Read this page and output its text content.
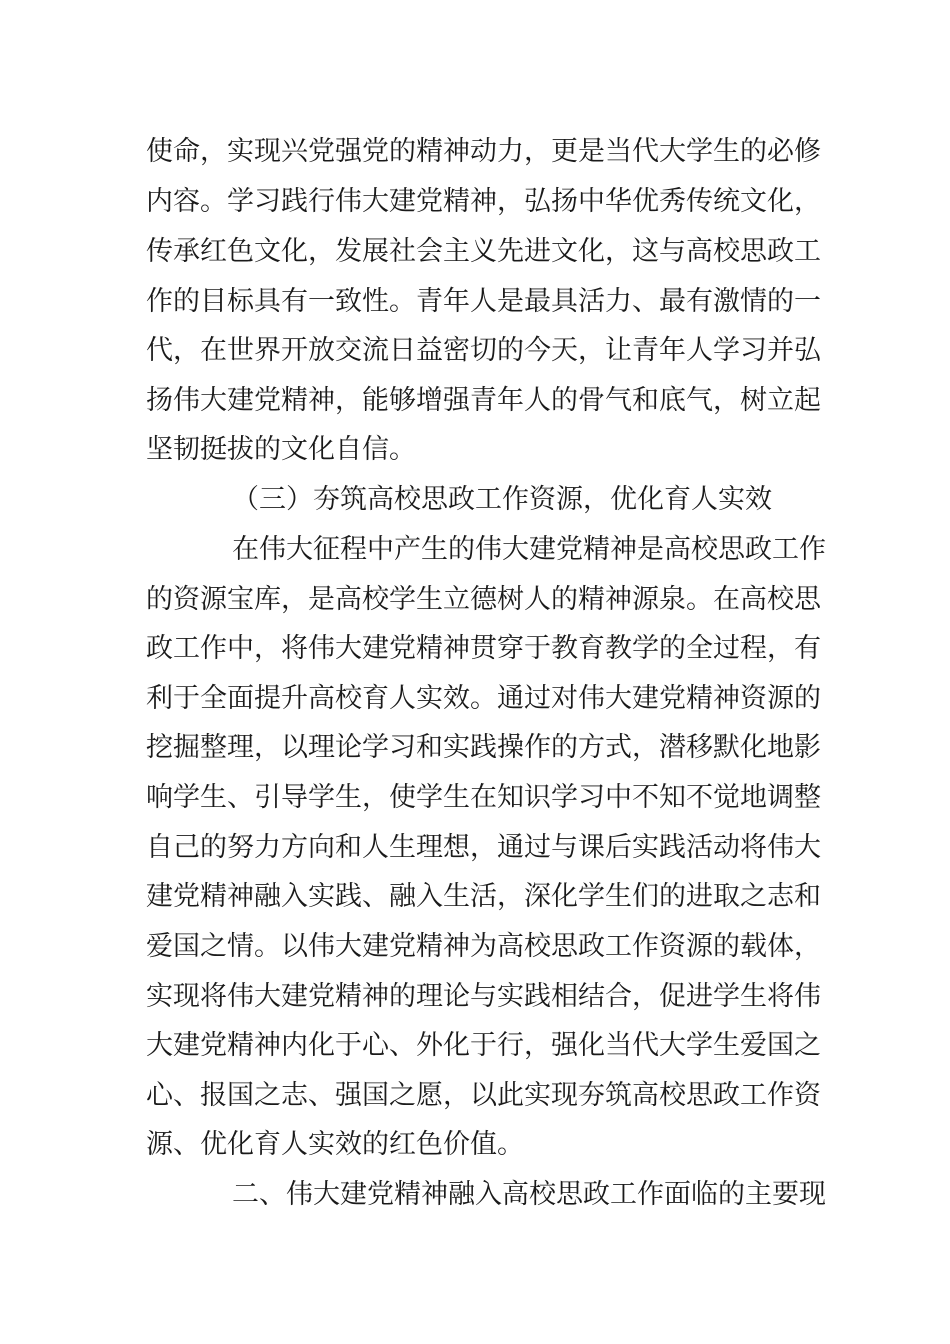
使命，实现兴党强党的精神动力，更是当代大学生的必修
内容。学习践行伟大建党精神，弘扬中华优秀传统文化，
传承红色文化，发展社会主义先进文化，这与高校思政工
作的目标具有一致性。青年人是最具活力、最有激情的一
代，在世界开放交流日益密切的今天，让青年人学习并弘
扬伟大建党精神，能够增强青年人的骨气和底气，树立起
坚韧挺拔的文化自信。
（三）夯筑高校思政工作资源，优化育人实效
在伟大征程中产生的伟大建党精神是高校思政工作
的资源宝库，是高校学生立德树人的精神源泉。在高校思
政工作中，将伟大建党精神贯穿于教育教学的全过程，有
利于全面提升高校育人实效。通过对伟大建党精神资源的
挖掘整理，以理论学习和实践操作的方式，潜移默化地影
响学生、引导学生，使学生在知识学习中不知不觉地调整
自己的努力方向和人生理想，通过与课后实践活动将伟大
建党精神融入实践、融入生活，深化学生们的进取之志和
爱国之情。以伟大建党精神为高校思政工作资源的载体，
实现将伟大建党精神的理论与实践相结合，促进学生将伟
大建党精神内化于心、外化于行，强化当代大学生爱国之
心、报国之志、强国之愿，以此实现夯筑高校思政工作资
源、优化育人实效的红色价值。
二、伟大建党精神融入高校思政工作面临的主要现
